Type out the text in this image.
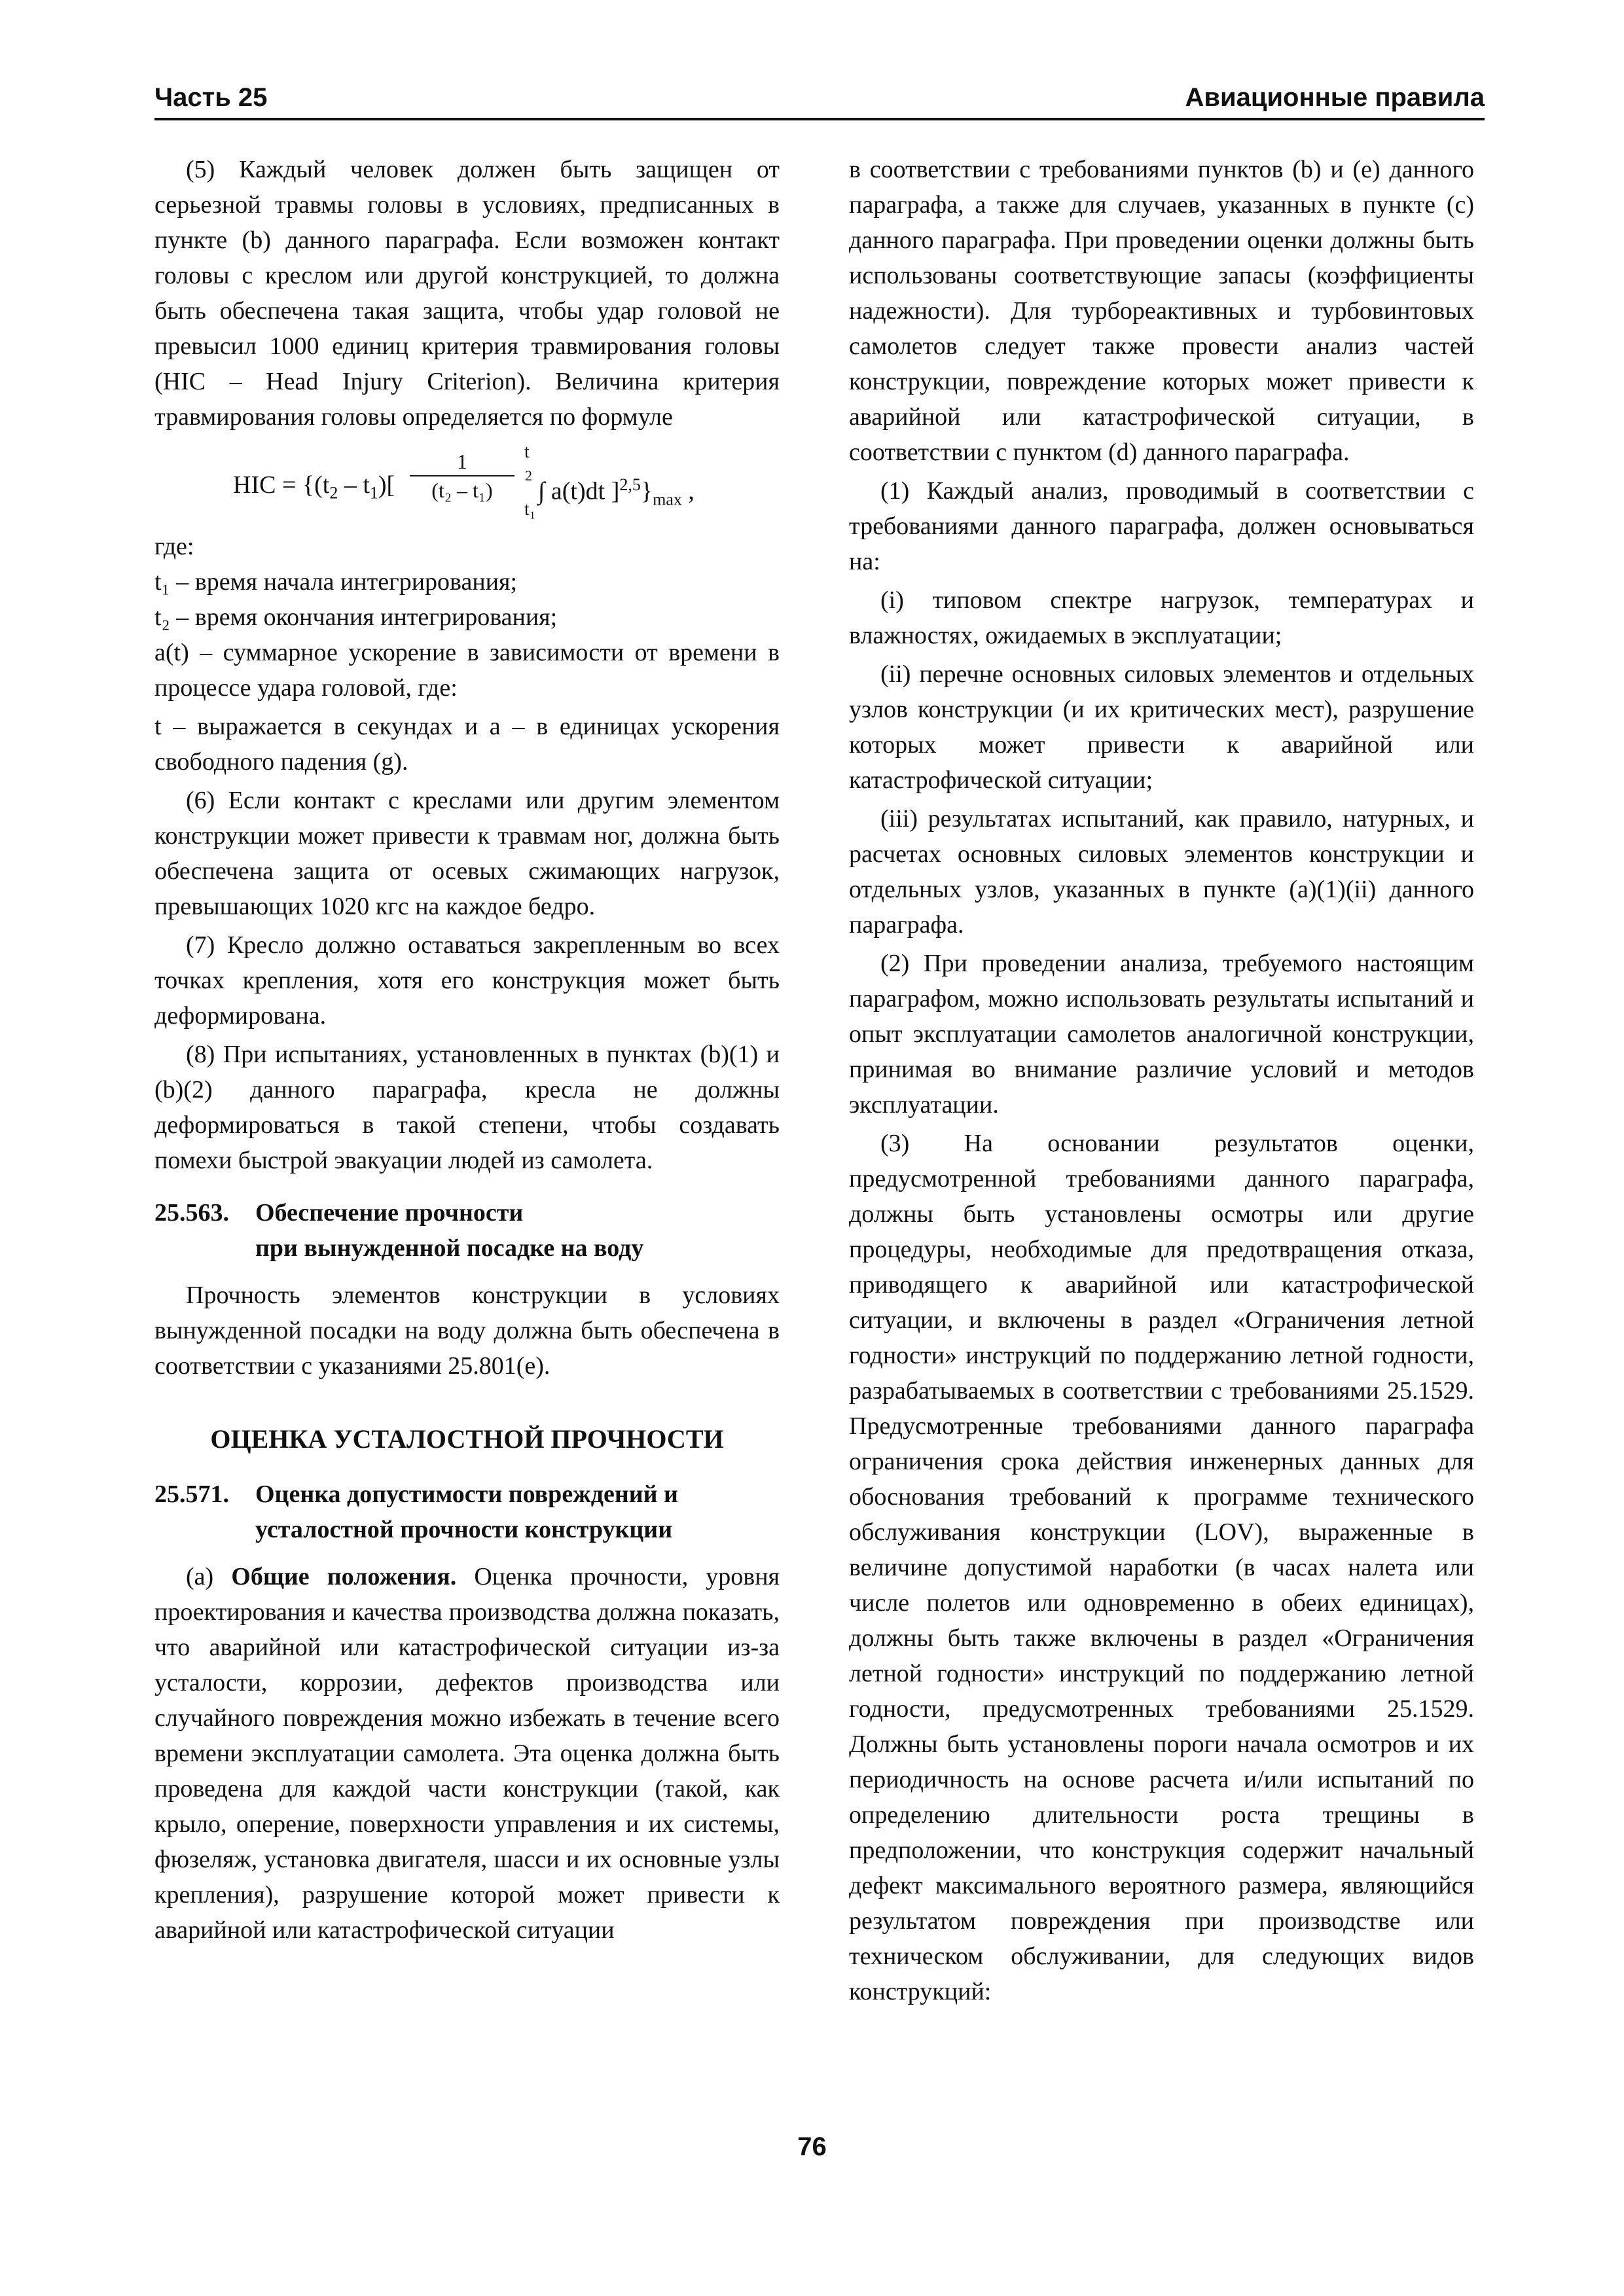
Часть 25	Авиационные правила

(5) Каждый человек должен быть защищен от серьезной травмы головы в условиях, предписанных в пункте (b) данного параграфа. Если возможен контакт головы с креслом или другой конструкцией, то должна быть обеспечена такая защита, чтобы удар головой не превысил 1000 единиц критерия травмирования головы (HIC – Head Injury Criterion). Величина критерия травмирования головы определяется по формуле

HIC = {$(t_2 - t_1)[ \frac{1}{\text{(t₂ – t₁)}}$ t
2
t₁
∫ a(t)dt ]$^{2,5}\}_{max}$ ,

где:

t₁ – время начала интегрирования;

t₂ – время окончания интегрирования;

a(t) – суммарное ускорение в зависимости от времени в процессе удара головой, где:

t – выражается в секундах и a – в единицах ускорения свободного падения (g).

(6) Если контакт с креслами или другим элементом конструкции может привести к травмам ног, должна быть обеспечена защита от осевых сжимающих нагрузок, превышающих 1020 кгс на каждое бедро.

(7) Кресло должно оставаться закрепленным во всех точках крепления, хотя его конструкция может быть деформирована.

(8) При испытаниях, установленных в пунктах (b)(1) и (b)(2) данного параграфа, кресла не должны деформироваться в такой степени, чтобы создавать помехи быстрой эвакуации людей из самолета.

25.563. Обеспечение прочности
при вынужденной посадке на воду

Прочность элементов конструкции в условиях вынужденной посадки на воду должна быть обеспечена в соответствии с указаниями 25.801(e).

ОЦЕНКА УСТАЛОСТНОЙ ПРОЧНОСТИ
25.571. Оценка допустимости повреждений и
усталостной прочности конструкции

(a) Общие положения. Оценка прочности, уровня проектирования и качества производства должна показать, что аварийной или катастрофической ситуации из-за усталости, коррозии, дефектов производства или случайного повреждения можно избежать в течение всего времени эксплуатации самолета. Эта оценка должна быть проведена для каждой части конструкции (такой, как крыло, оперение, поверхности управления и их системы, фюзеляж, установка двигателя, шасси и их основные узлы крепления), разрушение которой может привести к аварийной или катастрофической ситуации

в соответствии с требованиями пунктов (b) и (e) данного параграфа, а также для случаев, указанных в пункте (c) данного параграфа. При проведении оценки должны быть использованы соответствующие запасы (коэффициенты надежности). Для турбореактивных и турбовинтовых самолетов следует также провести анализ частей конструкции, повреждение которых может привести к аварийной или катастрофической ситуации, в соответствии с пунктом (d) данного параграфа.

(1) Каждый анализ, проводимый в соответствии с требованиями данного параграфа, должен основываться на:

(i) типовом спектре нагрузок, температурах и влажностях, ожидаемых в эксплуатации;

(ii) перечне основных силовых элементов и отдельных узлов конструкции (и их критических мест), разрушение которых может привести к аварийной или катастрофической ситуации;

(iii) результатах испытаний, как правило, натурных, и расчетах основных силовых элементов конструкции и отдельных узлов, указанных в пункте (a)(1)(ii) данного параграфа.

(2) При проведении анализа, требуемого настоящим параграфом, можно использовать результаты испытаний и опыт эксплуатации самолетов аналогичной конструкции, принимая во внимание различие условий и методов эксплуатации.

(3) На основании результатов оценки, предусмотренной требованиями данного параграфа, должны быть установлены осмотры или другие процедуры, необходимые для предотвращения отказа, приводящего к аварийной или катастрофической ситуации, и включены в раздел «Ограничения летной годности» инструкций по поддержанию летной годности, разрабатываемых в соответствии с требованиями 25.1529. Предусмотренные требованиями данного параграфа ограничения срока действия инженерных данных для обоснования требований к программе технического обслуживания конструкции (LOV), выраженные в величине допустимой наработки (в часах налета или числе полетов или одновременно в обеих единицах), должны быть также включены в раздел «Ограничения летной годности» инструкций по поддержанию летной годности, предусмотренных требованиями 25.1529. Должны быть установлены пороги начала осмотров и их периодичность на основе расчета и/или испытаний по определению длительности роста трещины в предположении, что конструкция содержит начальный дефект максимального вероятного размера, являющийся результатом повреждения при производстве или техническом обслуживании, для следующих видов конструкций:

76
